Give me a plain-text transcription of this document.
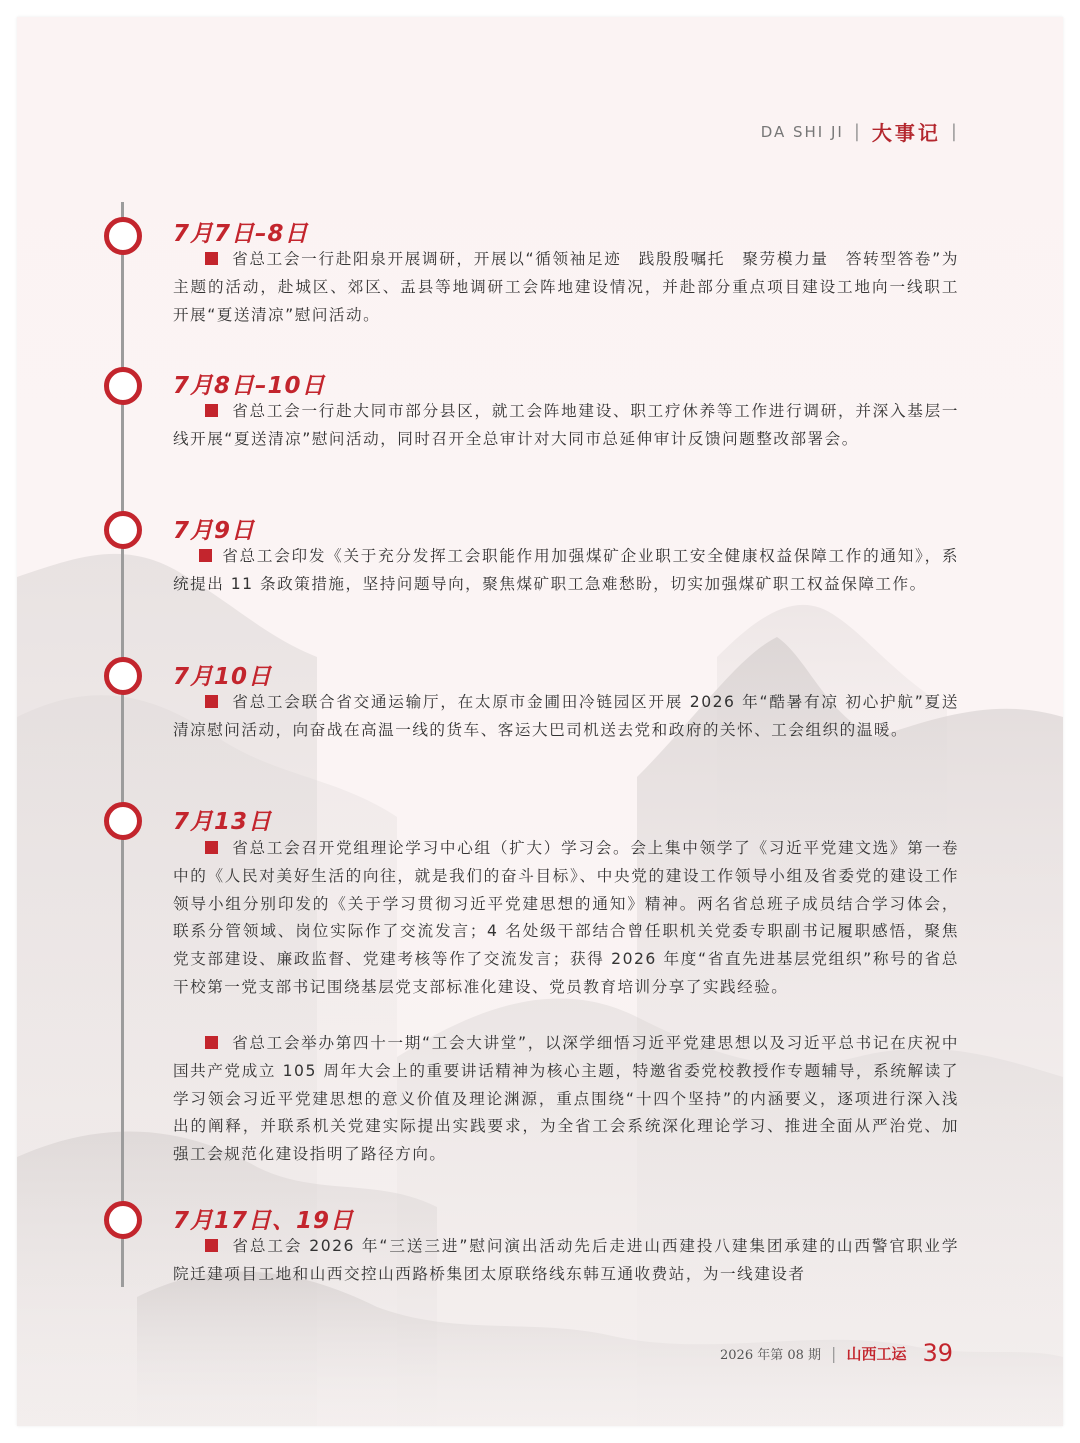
DA SHI JI | 大事记 |
7月7日–8日

省总工会一行赴阳泉开展调研，开展以“循领袖足迹　践殷殷嘱托　聚劳模力量　答转型答卷”为主题的活动，赴城区、郊区、盂县等地调研工会阵地建设情况，并赴部分重点项目建设工地向一线职工开展“夏送清凉”慰问活动。

7月8日–10日

省总工会一行赴大同市部分县区，就工会阵地建设、职工疗休养等工作进行调研，并深入基层一线开展“夏送清凉”慰问活动，同时召开全总审计对大同市总延伸审计反馈问题整改部署会。

7月9日

省总工会印发《关于充分发挥工会职能作用加强煤矿企业职工安全健康权益保障工作的通知》，系统提出 11 条政策措施，坚持问题导向，聚焦煤矿职工急难愁盼，切实加强煤矿职工权益保障工作。

7月10日

省总工会联合省交通运输厅，在太原市金圃田冷链园区开展 2026 年“酷暑有凉 初心护航”夏送清凉慰问活动，向奋战在高温一线的货车、客运大巴司机送去党和政府的关怀、工会组织的温暖。

7月13日

省总工会召开党组理论学习中心组（扩大）学习会。会上集中领学了《习近平党建文选》第一卷中的《人民对美好生活的向往，就是我们的奋斗目标》、中央党的建设工作领导小组及省委党的建设工作领导小组分别印发的《关于学习贯彻习近平党建思想的通知》精神。两名省总班子成员结合学习体会，联系分管领域、岗位实际作了交流发言；4 名处级干部结合曾任职机关党委专职副书记履职感悟，聚焦党支部建设、廉政监督、党建考核等作了交流发言；获得 2026 年度“省直先进基层党组织”称号的省总干校第一党支部书记围绕基层党支部标准化建设、党员教育培训分享了实践经验。

省总工会举办第四十一期“工会大讲堂”，以深学细悟习近平党建思想以及习近平总书记在庆祝中国共产党成立 105 周年大会上的重要讲话精神为核心主题，特邀省委党校教授作专题辅导，系统解读了学习领会习近平党建思想的意义价值及理论渊源，重点围绕“十四个坚持”的内涵要义，逐项进行深入浅出的阐释，并联系机关党建实际提出实践要求，为全省工会系统深化理论学习、推进全面从严治党、加强工会规范化建设指明了路径方向。

7月17日、19日

省总工会 2026 年“三送三进”慰问演出活动先后走进山西建投八建集团承建的山西警官职业学院迁建项目工地和山西交控山西路桥集团太原联络线东韩互通收费站，为一线建设者

2026 年第 08 期 | 山西工运 39
